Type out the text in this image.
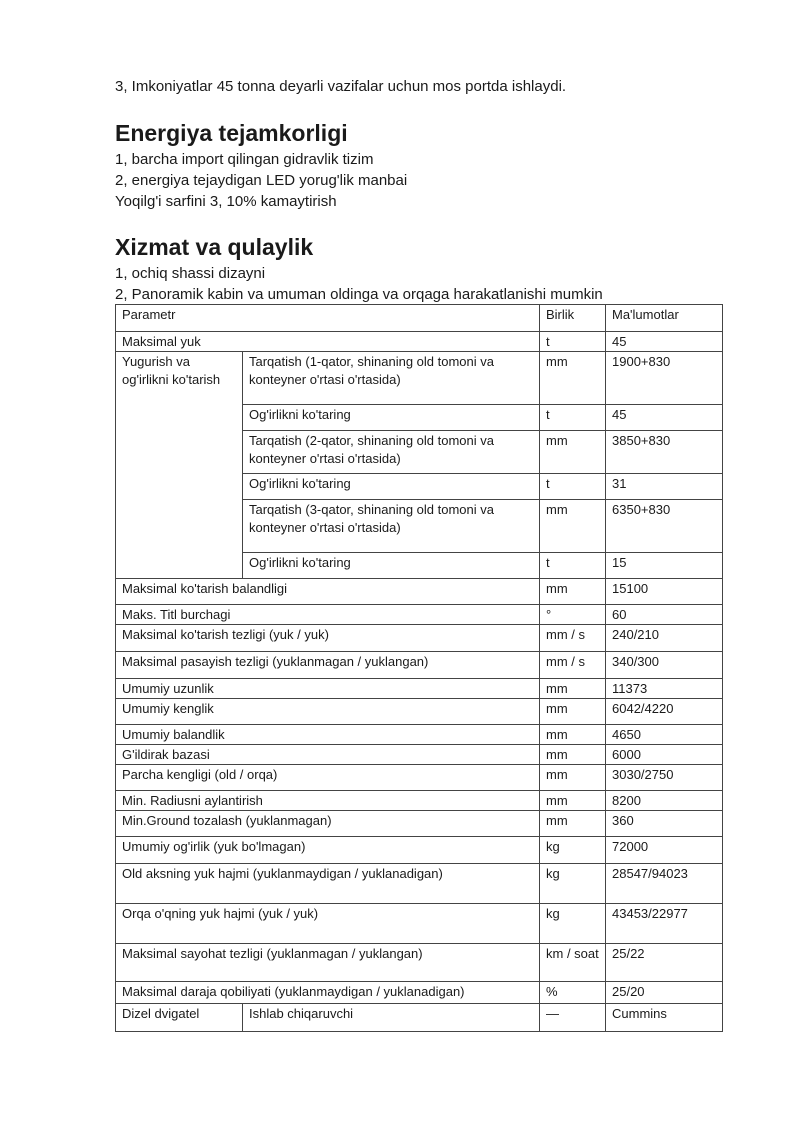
3, Imkoniyatlar 45 tonna deyarli vazifalar uchun mos portda ishlaydi.
Energiya tejamkorligi
1, barcha import qilingan gidravlik tizim
2, energiya tejaydigan LED yorug'lik manbai
Yoqilg'i sarfini 3, 10% kamaytirish
Xizmat va qulaylik
1, ochiq shassi dizayni
2, Panoramik kabin va umuman oldinga va orqaga harakatlanishi mumkin
Parametr		Birlik	Ma'lumotlar
Maksimal yuk		t	45
Yugurish va og'irlikni ko'tarish	Tarqatish (1-qator, shinaning old tomoni va konteyner o'rtasi o'rtasida)	mm	1900+830
	Og'irlikni ko'taring	t	45
	Tarqatish (2-qator, shinaning old tomoni va konteyner o'rtasi o'rtasida)	mm	3850+830
	Og'irlikni ko'taring	t	31
	Tarqatish (3-qator, shinaning old tomoni va konteyner o'rtasi o'rtasida)	mm	6350+830
	Og'irlikni ko'taring	t	15
Maksimal ko'tarish balandligi		mm	15100
Maks. Titl burchagi		°	60
Maksimal ko'tarish tezligi (yuk / yuk)		mm / s	240/210
Maksimal pasayish tezligi (yuklanmagan / yuklangan)		mm / s	340/300
Umumiy uzunlik		mm	11373
Umumiy kenglik		mm	6042/4220
Umumiy balandlik		mm	4650
G'ildirak bazasi		mm	6000
Parcha kengligi (old / orqa)		mm	3030/2750
Min. Radiusni aylantirish		mm	8200
Min.Ground tozalash (yuklanmagan)		mm	360
Umumiy og'irlik (yuk bo'lmagan)		kg	72000
Old aksning yuk hajmi (yuklanmaydigan / yuklanadigan)		kg	28547/94023
Orqa o'qning yuk hajmi (yuk / yuk)		kg	43453/22977
Maksimal sayohat tezligi (yuklanmagan / yuklangan)		km / soat	25/22
Maksimal daraja qobiliyati (yuklanmaydigan / yuklanadigan)		%	25/20
Dizel dvigatel	Ishlab chiqaruvchi	—	Cummins
